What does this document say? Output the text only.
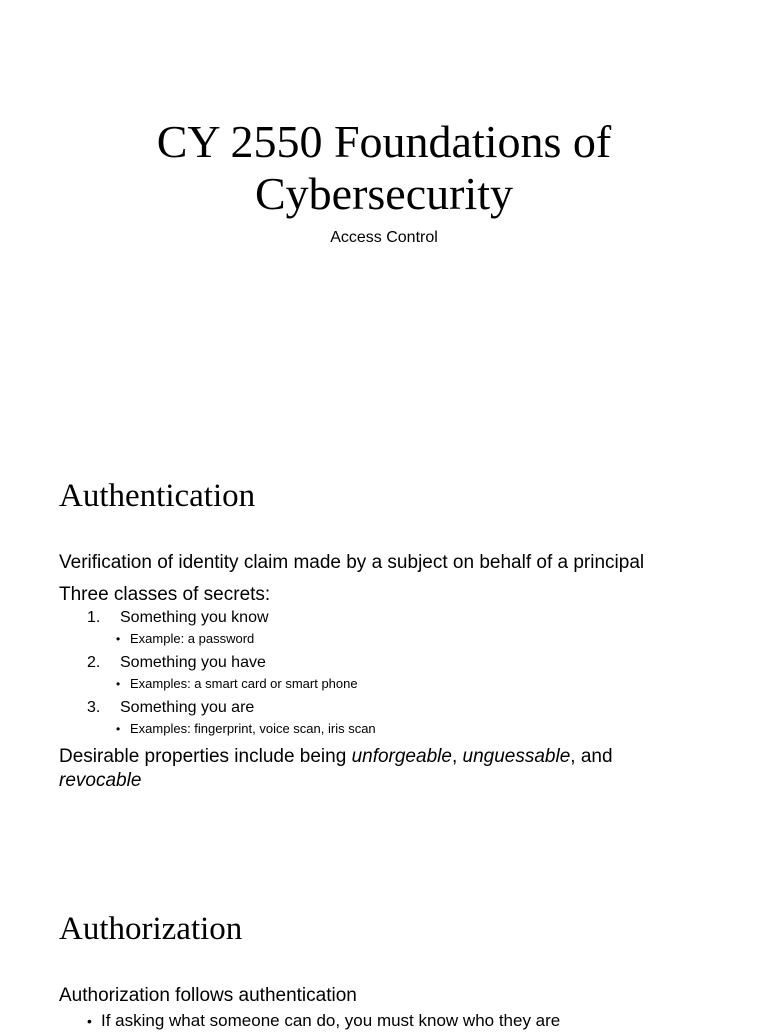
CY 2550 Foundations of
Cybersecurity

Access Control

Authentication

Verification of identity claim made by a subject on behalf of a principal

Three classes of secrets:

1.	Something you know
• Example: a password
2.	Something you have
• Examples: a smart card or smart phone
3.	Something you are
• Examples: fingerprint, voice scan, iris scan

Desirable properties include being unforgeable, unguessable, and
revocable

Authorization

Authorization follows authentication

• If asking what someone can do, you must know who they are
